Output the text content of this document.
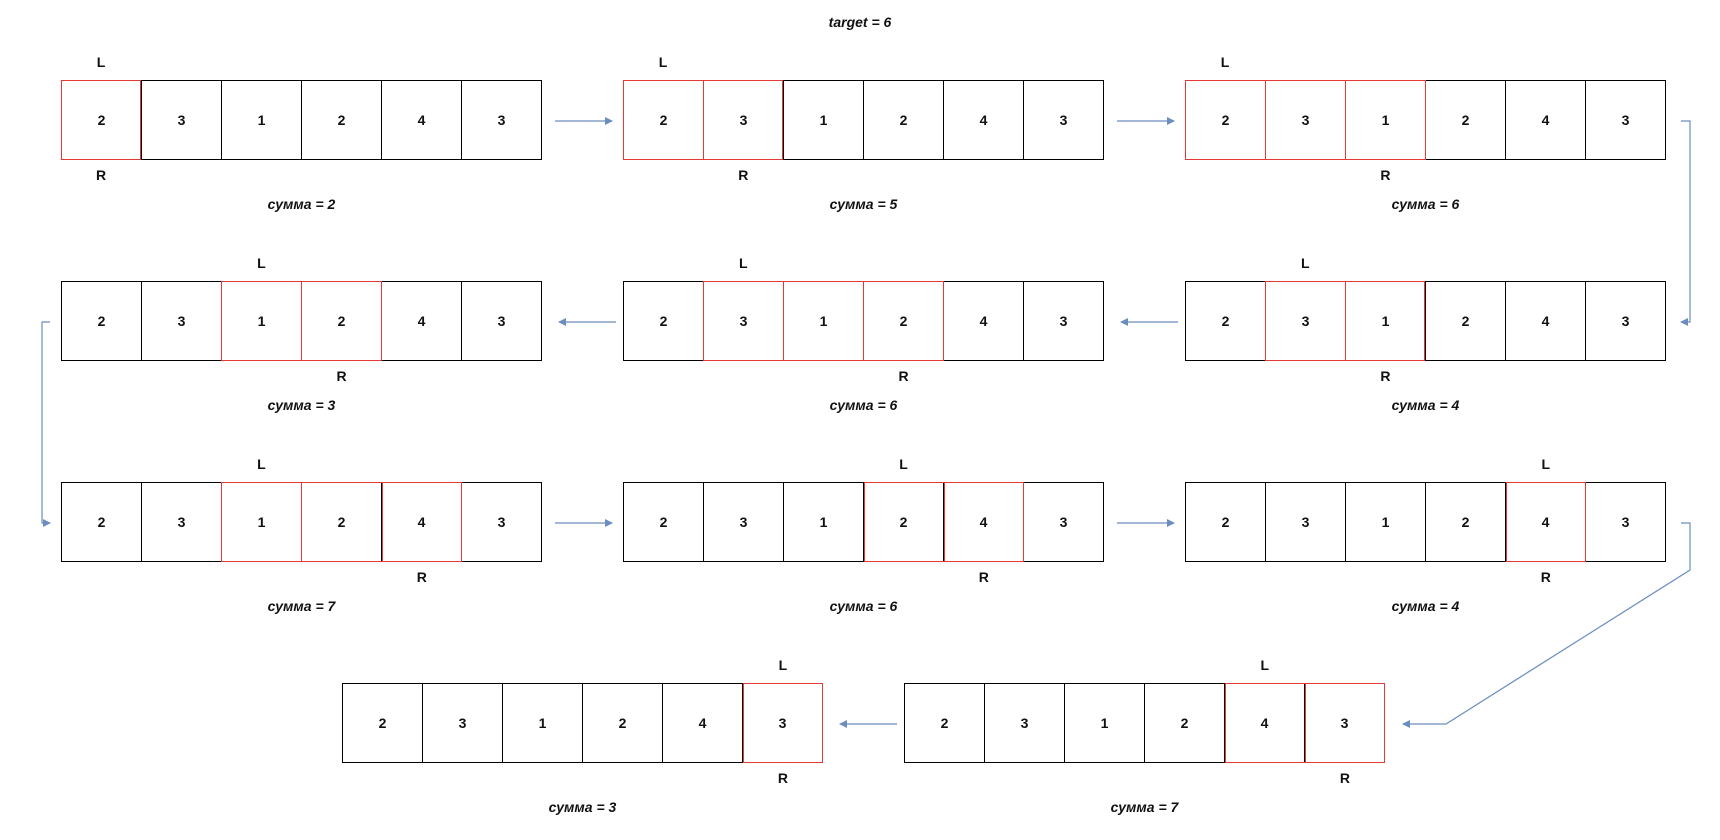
target = 6
L
2	3	1	2	4	3
R
сумма = 2
L
2	3	1	2	4	3
R
сумма = 5
L
2	3	1	2	4	3
R
сумма = 6
L
2	3	1	2	4	3
R
сумма = 4
L
2	3	1	2	4	3
R
сумма = 6
L
2	3	1	2	4	3
R
сумма = 3
L
2	3	1	2	4	3
R
сумма = 7
L
2	3	1	2	4	3
R
сумма = 6
L
2	3	1	2	4	3
R
сумма = 4
L
2	3	1	2	4	3
R
сумма = 7
L
2	3	1	2	4	3
R
сумма = 3
